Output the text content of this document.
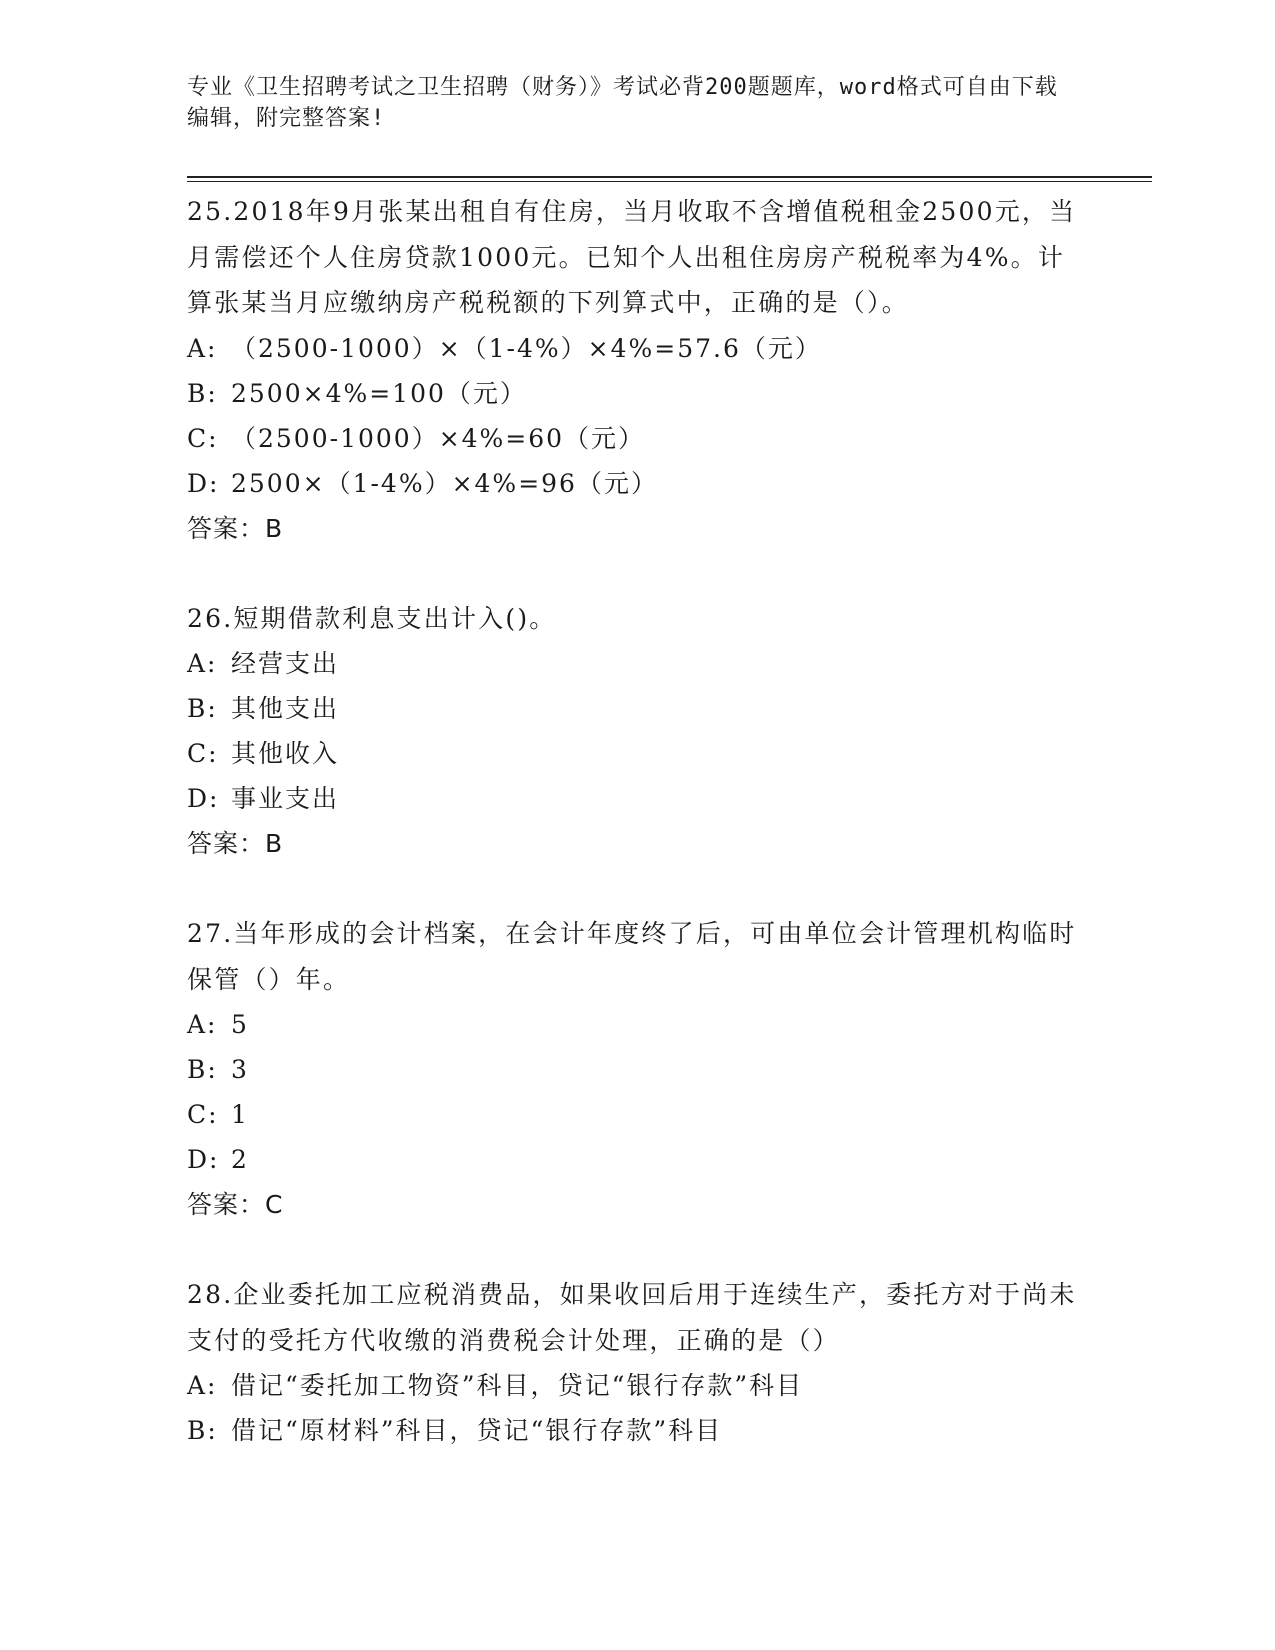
专业《卫生招聘考试之卫生招聘（财务）》考试必背200题题库，word格式可自由下载编辑，附完整答案!
25.2018年9月张某出租自有住房，当月收取不含增值税租金2500元，当月需偿还个人住房贷款1000元。已知个人出租住房房产税税率为4%。计算张某当月应缴纳房产税税额的下列算式中，正确的是（）。
A: （2500-1000）×（1-4%）×4%=57.6（元）
B: 2500×4%=100（元）
C: （2500-1000）×4%=60（元）
D: 2500×（1-4%）×4%=96（元）
答案：B
26.短期借款利息支出计入()。
A: 经营支出
B: 其他支出
C: 其他收入
D: 事业支出
答案：B
27.当年形成的会计档案，在会计年度终了后，可由单位会计管理机构临时保管（）年。
A: 5
B: 3
C: 1
D: 2
答案：C
28.企业委托加工应税消费品，如果收回后用于连续生产，委托方对于尚未支付的受托方代收缴的消费税会计处理，正确的是（）
A: 借记“委托加工物资”科目，贷记“银行存款”科目
B: 借记“原材料”科目，贷记“银行存款”科目
